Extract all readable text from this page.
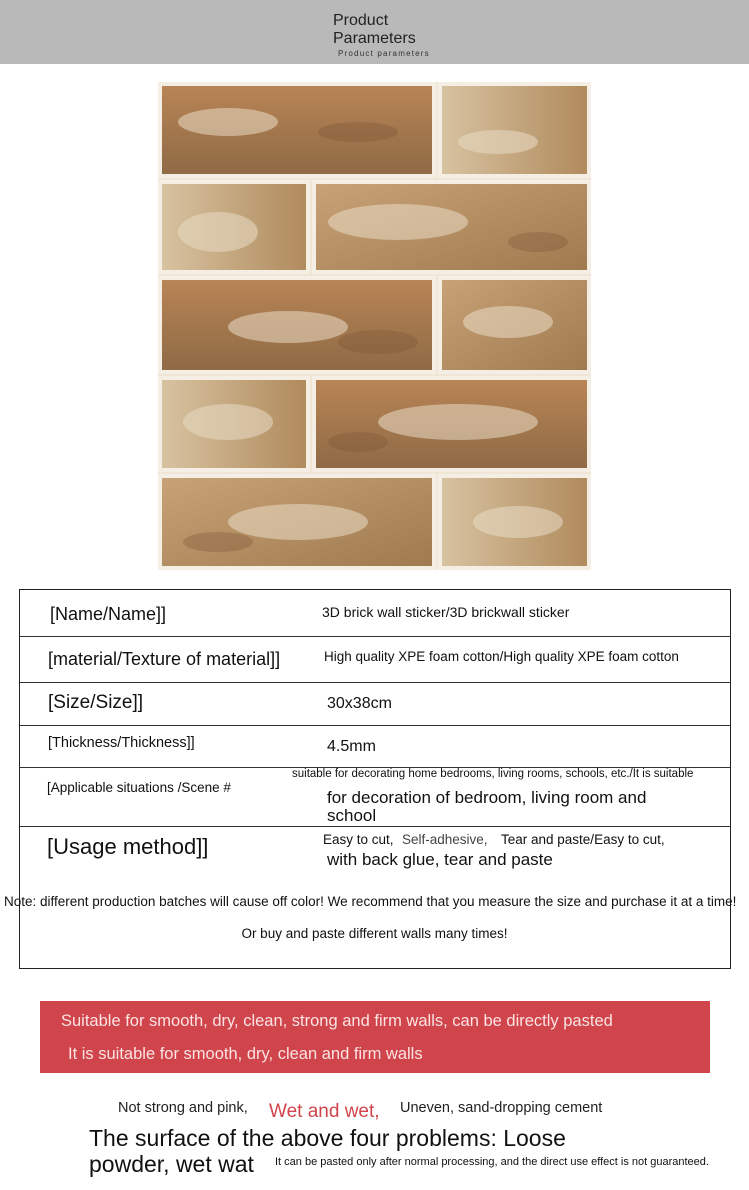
Product
Parameters
Product parameters
[Name/Name]]	3D brick wall sticker/3D brickwall sticker
[material/Texture of material]]	High quality XPE foam cotton/High quality XPE foam cotton
[Size/Size]]	30x38cm
[Thickness/Thickness]]	4.5mm
[Applicable situations /Scene #
suitable for decorating home bedrooms, living rooms, schools, etc./It is suitable
for decoration of bedroom, living room and
school
[Usage method]]	Easy to cut, Self-adhesive, Tear and paste/Easy to cut,
with back glue, tear and paste
Note: different production batches will cause off color! We recommend that you measure the size and purchase it at a time!
Or buy and paste different walls many times!
Suitable for smooth, dry, clean, strong and firm walls, can be directly pasted
It is suitable for smooth, dry, clean and firm walls
Not strong and pink, Wet and wet, Uneven, sand-dropping cement
The surface of the above four problems: Loose powder, wet wat	It can be pasted only after normal processing, and the direct use effect is not guaranteed.
